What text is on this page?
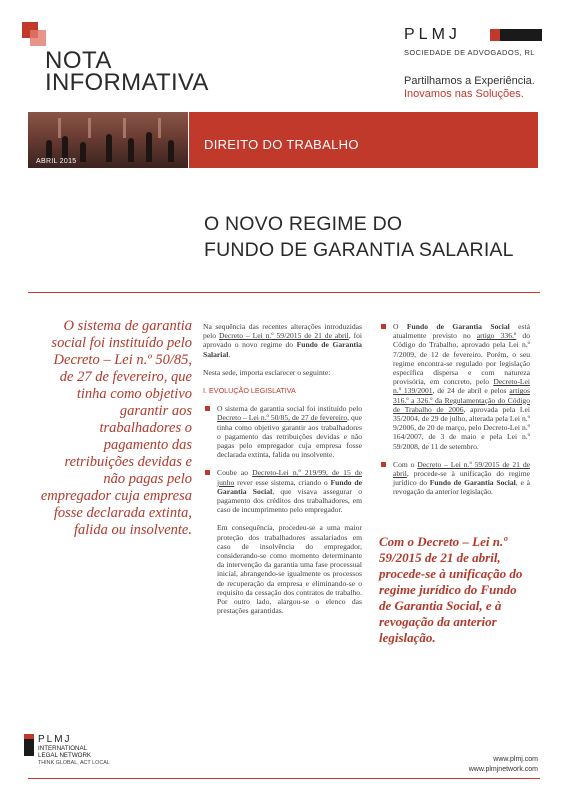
NOTA
INFORMATIVA
PLMJ
SOCIEDADE DE ADVOGADOS, RL
Partilhamos a Experiência.
Inovamos nas Soluções.
ABRIL 2015
DIREITO DO TRABALHO
O NOVO REGIME DO
FUNDO DE GARANTIA SALARIAL
O sistema de garantia social foi instituído pelo Decreto – Lei n.º 50/85, de 27 de fevereiro, que tinha como objetivo garantir aos trabalhadores o pagamento das retribuições devidas e não pagas pelo empregador cuja empresa fosse declarada extinta, falida ou insolvente.

Na sequência das recentes alterações introduzidas pelo Decreto – Lei n.º 59/2015 de 21 de abril, foi aprovado o novo regime do Fundo de Garantia Salarial.

Nesta sede, importa esclarecer o seguinte:

I. EVOLUÇÃO LEGISLATIVA
O sistema de garantia social foi instituído pelo Decreto – Lei n.º 50/85, de 27 de fevereiro, que tinha como objetivo garantir aos trabalhadores o pagamento das retribuições devidas e não pagas pelo empregador cuja empresa fosse declarada extinta, falida ou insolvente.
Coube ao Decreto-Lei n.º 219/99, de 15 de junho rever esse sistema, criando o Fundo de Garantia Social, que visava assegurar o pagamento dos créditos dos trabalhadores, em caso de incumprimento pelo empregador.
Em consequência, procedeu-se a uma maior proteção dos trabalhadores assalariados em caso de insolvência do empregador, considerando-se como momento determinante da intervenção da garantia uma fase processual inicial, abrangendo-se igualmente os processos de recuperação da empresa e eliminando-se o requisito da cessação dos contratos de trabalho. Por outro lado, alargou-se o elenco das prestações garantidas.
O Fundo de Garantia Social está atualmente previsto no artigo 336.º do Código do Trabalho, aprovado pela Lei n.º 7/2009, de 12 de fevereiro. Porém, o seu regime encontra-se regulado por legislação específica dispersa e com natureza provisória, em concreto, pelo Decreto-Lei n.º 139/2001, de 24 de abril e pelos artigos 316.º a 326.º da Regulamentação do Código de Trabalho de 2006, aprovada pela Lei 35/2004, de 29 de julho, alterada pela Lei n.º 9/2006, de 20 de março, pelo Decreto-Lei n.º 164/2007, de 3 de maio e pela Lei n.º 59/2008, de 11 de setembro.
Com o Decreto – Lei n.º 59/2015 de 21 de abril, procede-se à unificação do regime jurídico do Fundo de Garantia Social, e à revogação da anterior legislação.
Com o Decreto – Lei n.º 59/2015 de 21 de abril, procede-se à unificação do regime jurídico do Fundo de Garantia Social, e à revogação da anterior legislação.
PLMJ
INTERNATIONAL
LEGAL NETWORK
THINK GLOBAL, ACT LOCAL	www.plmj.com
www.plmjnetwork.com
